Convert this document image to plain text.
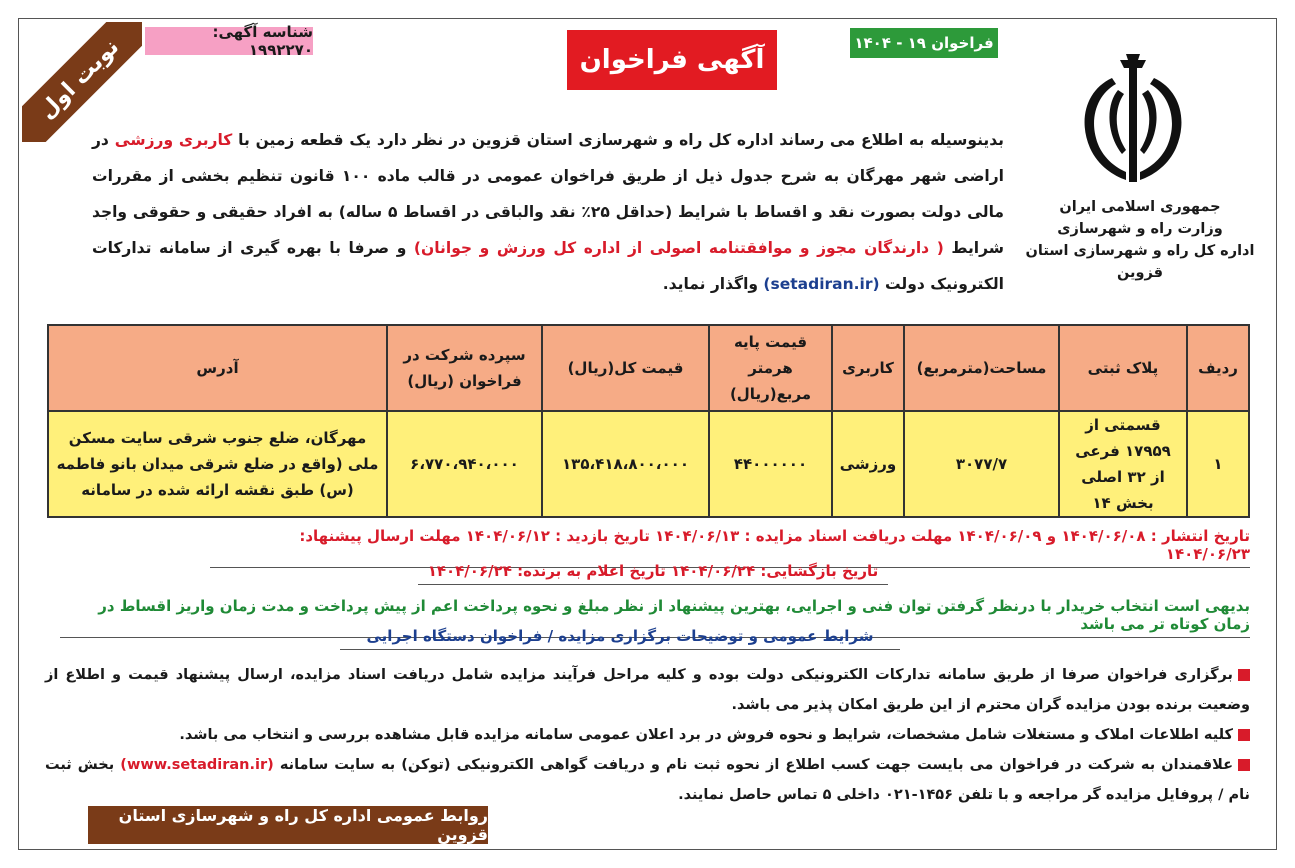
نوبت اول
شناسه آگهی: ۱۹۹۲۲۷۰	آگهی فراخوان
فراخوان ۱۹ - ۱۴۰۴
جمهوری اسلامی ایران
وزارت راه و شهرسازی
اداره کل راه و شهرسازی استان قزوین
بدینوسیله به اطلاع می رساند اداره کل راه و شهرسازی استان قزوین در نظر دارد یک قطعه زمین با کاربری ورزشی در اراضی شهر مهرگان به شرح جدول ذیل از طریق فراخوان عمومی در قالب ماده ۱۰۰ قانون تنظیم بخشی از مقررات مالی دولت بصورت نقد و اقساط با شرایط (حداقل ۲۵٪ نقد والباقی در اقساط ۵ ساله) به افراد حقیقی و حقوقی واجد شرایط ( دارندگان مجوز و موافقتنامه اصولی از اداره کل ورزش و جوانان) و صرفا با بهره گیری از سامانه تدارکات الکترونیک دولت (setadiran.ir) واگذار نماید.
ردیف	پلاک ثبتی	مساحت(مترمربع)	کاربری	قیمت پایه هرمتر مربع(ریال)	قیمت کل(ریال)	سپرده شرکت در فراخوان (ریال)	آدرس
۱	قسمتی از ۱۷۹۵۹ فرعی از ۳۲ اصلی بخش ۱۴	۳۰۷۷/۷	ورزشی	۴۴۰۰۰۰۰۰	۱۳۵،۴۱۸،۸۰۰،۰۰۰	۶،۷۷۰،۹۴۰،۰۰۰	مهرگان، ضلع جنوب شرقی سایت مسکن ملی (واقع در ضلع شرقی میدان بانو فاطمه (س) طبق نقشه ارائه شده در سامانه
تاریخ انتشار : ۱۴۰۴/۰۶/۰۸ و ۱۴۰۴/۰۶/۰۹ مهلت دریافت اسناد مزایده : ۱۴۰۴/۰۶/۱۳ تاریخ بازدید : ۱۴۰۴/۰۶/۱۲ مهلت ارسال پیشنهاد: ۱۴۰۴/۰۶/۲۳
تاریخ بازگشایی: ۱۴۰۴/۰۶/۲۴ تاریخ اعلام به برنده: ۱۴۰۴/۰۶/۲۴
بدیهی است انتخاب خریدار با درنظر گرفتن توان فنی و اجرایی، بهترین پیشنهاد از نظر مبلغ و نحوه پرداخت اعم از پیش پرداخت و مدت زمان واریز اقساط در زمان کوتاه تر می باشد
شرایط عمومی و توضیحات برگزاری مزایده / فراخوان دستگاه اجرایی

برگزاری فراخوان صرفا از طریق سامانه تدارکات الکترونیکی دولت بوده و کلیه مراحل فرآیند مزایده شامل دریافت اسناد مزایده، ارسال پیشنهاد قیمت و اطلاع از وضعیت برنده بودن مزایده گران محترم از این طریق امکان پذیر می باشد.

کلیه اطلاعات املاک و مستغلات شامل مشخصات، شرایط و نحوه فروش در برد اعلان عمومی سامانه مزایده قابل مشاهده بررسی و انتخاب می باشد.

علاقمندان به شرکت در فراخوان می بایست جهت کسب اطلاع از نحوه ثبت نام و دریافت گواهی الکترونیکی (توکن) به سایت سامانه (www.setadiran.ir) بخش ثبت نام / پروفایل مزایده گر مراجعه و با تلفن ۱۴۵۶-۰۲۱ داخلی ۵ تماس حاصل نمایند.

روابط عمومی اداره کل راه و شهرسازی استان قزوین
